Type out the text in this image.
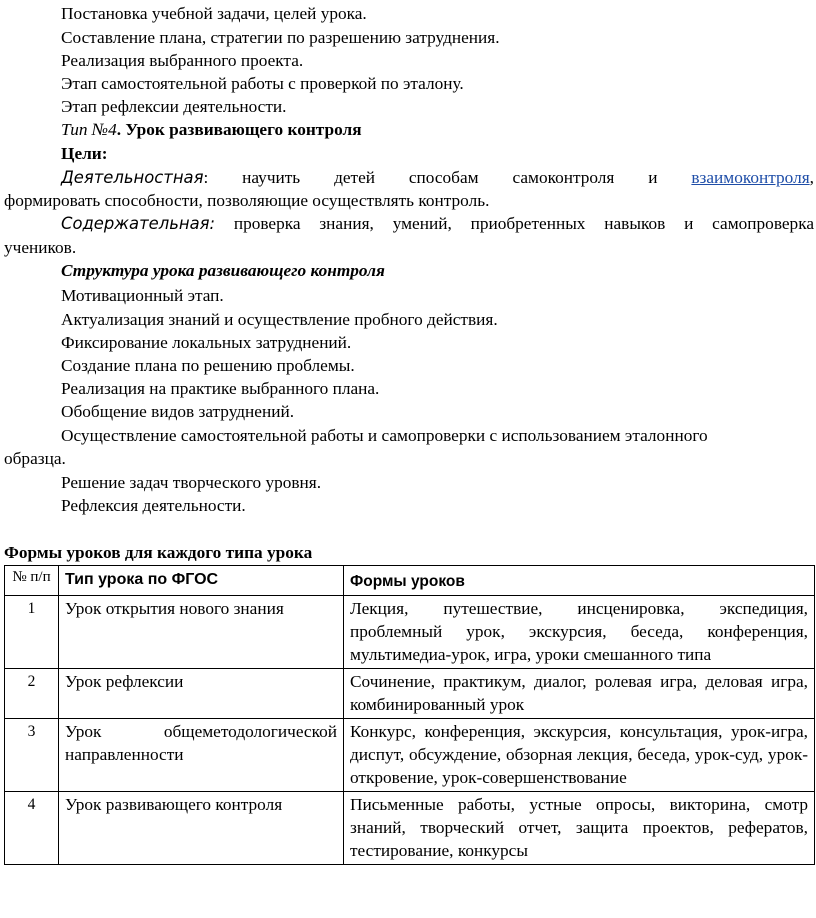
Постановка учебной задачи, целей урока.
Составление плана, стратегии по разрешению затруднения.
Реализация выбранного проекта.
Этап самостоятельной работы с проверкой по эталону.
Этап рефлексии деятельности.
Тип №4. Урок развивающего контроля
Цели:
Деятельностная: научить детей способам самоконтроля и взаимоконтроля,
формировать способности, позволяющие осуществлять контроль.
Содержательная: проверка знания, умений, приобретенных навыков и самопроверка
учеников.
Структура урока развивающего контроля
Мотивационный этап.
Актуализация знаний и осуществление пробного действия.
Фиксирование локальных затруднений.
Создание плана по решению проблемы.
Реализация на практике выбранного плана.
Обобщение видов затруднений.
Осуществление самостоятельной работы и самопроверки с использованием эталонного
образца.
Решение задач творческого уровня.
Рефлексия деятельности.
Формы уроков для каждого типа урока
№ п/п	Тип урока по ФГОС	Формы уроков
1	Урок открытия нового знания	Лекция, путешествие, инсценировка, экспедиция, проблемный урок, экскурсия, беседа, конференция, мультимедиа-урок, игра, уроки смешанного типа
2	Урок рефлексии	Сочинение, практикум, диалог, ролевая игра, деловая игра, комбинированный урок
3	Урок общеметодологической направленности	Конкурс, конференция, экскурсия, консультация, урок-игра, диспут, обсуждение, обзорная лекция, беседа, урок-суд, урок-откровение, урок-совершенствование
4	Урок развивающего контроля	Письменные работы, устные опросы, викторина, смотр знаний, творческий отчет, защита проектов, рефератов, тестирование, конкурсы
